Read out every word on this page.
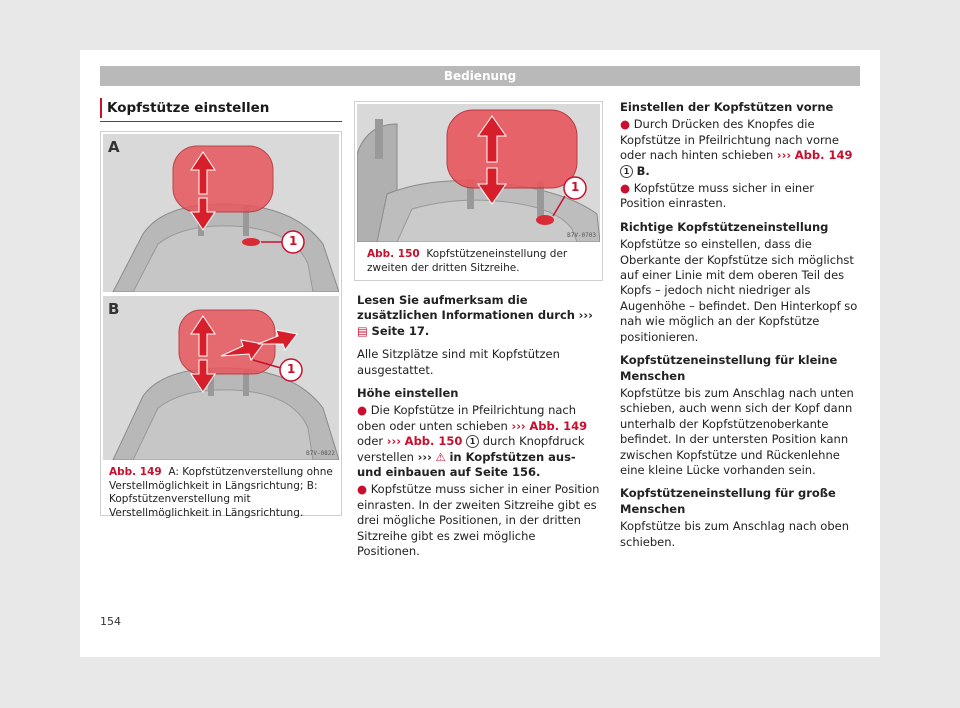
Bedienung
Kopfstütze einstellen
A
1
B
1
B7V-0822
Abb. 149 A: Kopfstützenverstellung ohne Verstellmöglichkeit in Längsrichtung; B: Kopfstützenverstellung mit Verstellmöglichkeit in Längsrichtung.
1
B7V-0703
Abb. 150 Kopfstützeneinstellung der zweiten der dritten Sitzreihe.

Lesen Sie aufmerksam die zusätzlichen Informationen durch ››› ▤ Seite 17.

Alle Sitzplätze sind mit Kopfstützen ausgestattet.

Höhe einstellen

● Die Kopfstütze in Pfeilrichtung nach oben oder unten schieben ››› Abb. 149 oder ››› Abb. 150 1 durch Knopfdruck verstellen ››› ⚠ in Kopfstützen aus- und einbauen auf Seite 156.

● Kopfstütze muss sicher in einer Position einrasten. In der zweiten Sitzreihe gibt es drei mögliche Positionen, in der dritten Sitzreihe gibt es zwei mögliche Positionen.

Einstellen der Kopfstützen vorne

● Durch Drücken des Knopfes die Kopfstütze in Pfeilrichtung nach vorne oder nach hinten schieben ››› Abb. 149 1 B.

● Kopfstütze muss sicher in einer Position einrasten.

Richtige Kopfstützeneinstellung

Kopfstütze so einstellen, dass die Oberkante der Kopfstütze sich möglichst auf einer Linie mit dem oberen Teil des Kopfs – jedoch nicht niedriger als Augenhöhe – befindet. Den Hinterkopf so nah wie möglich an der Kopfstütze positionieren.

Kopfstützeneinstellung für kleine Menschen

Kopfstütze bis zum Anschlag nach unten schieben, auch wenn sich der Kopf dann unterhalb der Kopfstützenoberkante befindet. In der untersten Position kann zwischen Kopfstütze und Rückenlehne eine kleine Lücke vorhanden sein.

Kopfstützeneinstellung für große Menschen

Kopfstütze bis zum Anschlag nach oben schieben.

154
